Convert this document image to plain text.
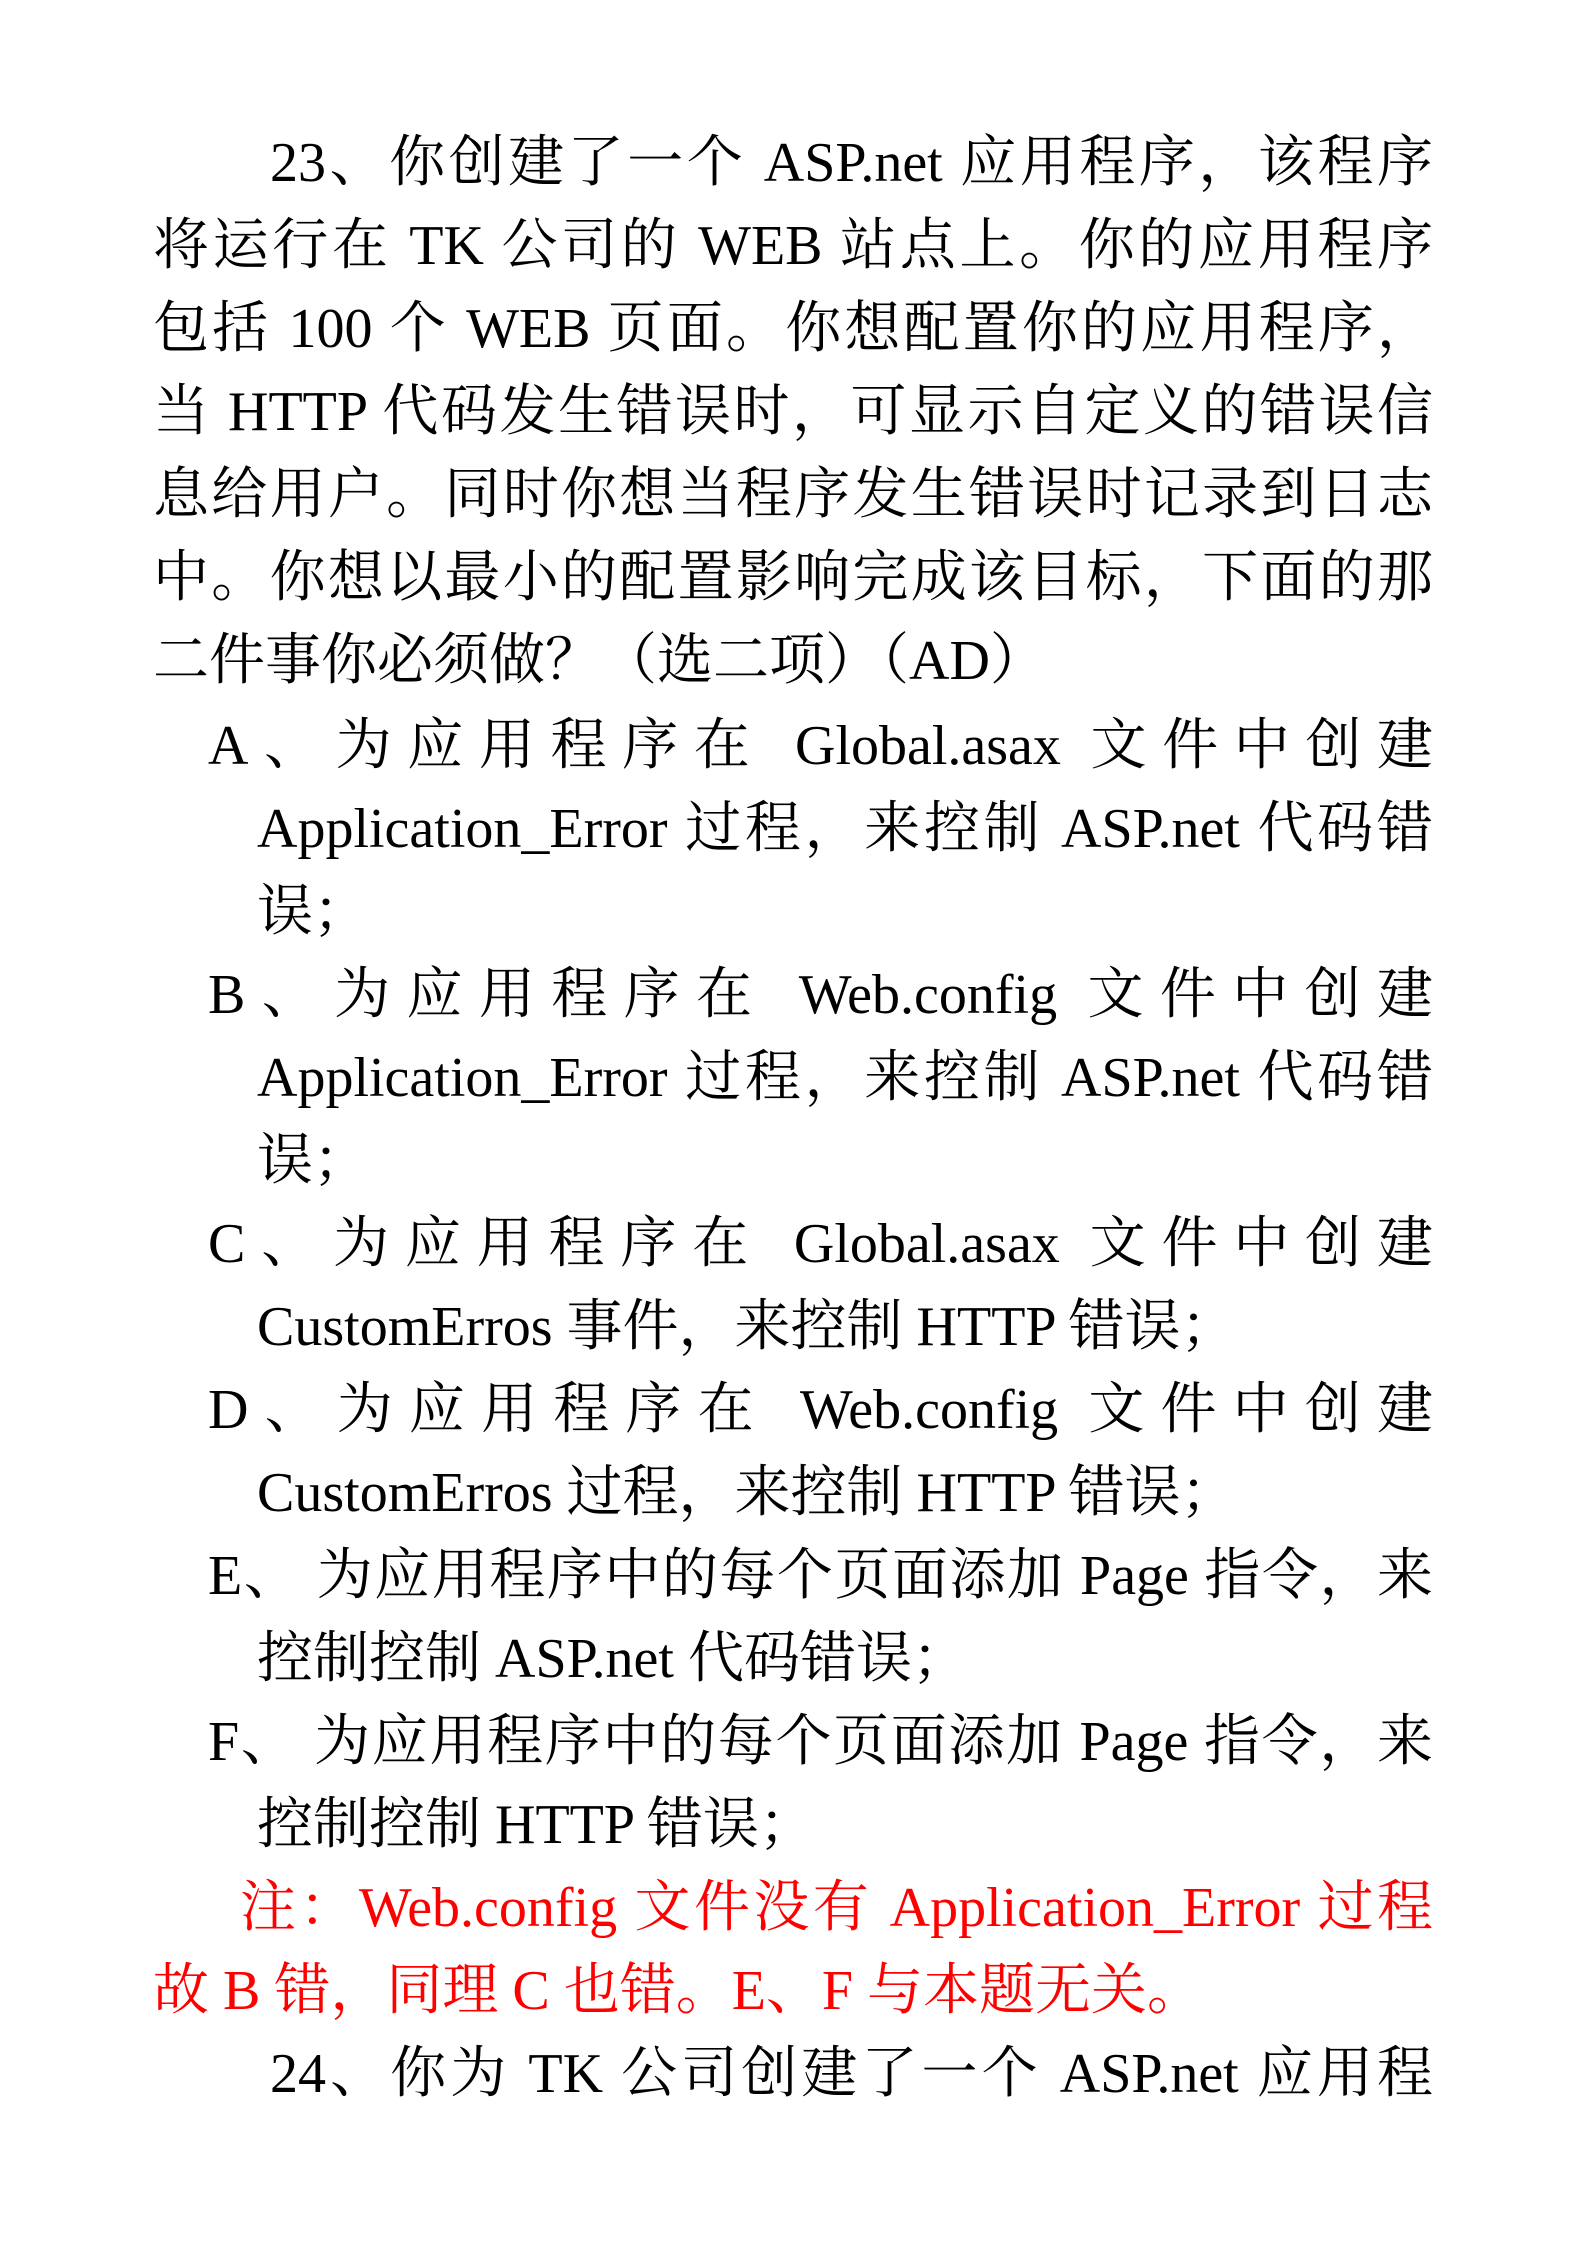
23、你创建了一个 ASP.net 应用程序，该程序
将运行在 TK 公司的 WEB 站点上。你的应用程序
包括 100 个 WEB 页面。你想配置你的应用程序，
当 HTTP 代码发生错误时，可显示自定义的错误信
息给用户。同时你想当程序发生错误时记录到日志
中。你想以最小的配置影响完成该目标，下面的那
二件事你必须做？（选二项）（AD）
A、为应用程序在 Global.asax 文件中创建
Application_Error 过程，来控制 ASP.net 代码错
误；
B、为应用程序在 Web.config 文件中创建
Application_Error 过程，来控制 ASP.net 代码错
误；
C、为应用程序在 Global.asax 文件中创建
CustomErros 事件，来控制 HTTP 错误；
D、为应用程序在 Web.config 文件中创建
CustomErros 过程，来控制 HTTP 错误；
E、 为应用程序中的每个页面添加 Page 指令，来
控制控制 ASP.net 代码错误；
F、 为应用程序中的每个页面添加 Page 指令，来
控制控制 HTTP 错误；
注：Web.config 文件没有 Application_Error 过程
故 B 错，同理 C 也错。E、F 与本题无关。
24、你为 TK 公司创建了一个 ASP.net 应用程
